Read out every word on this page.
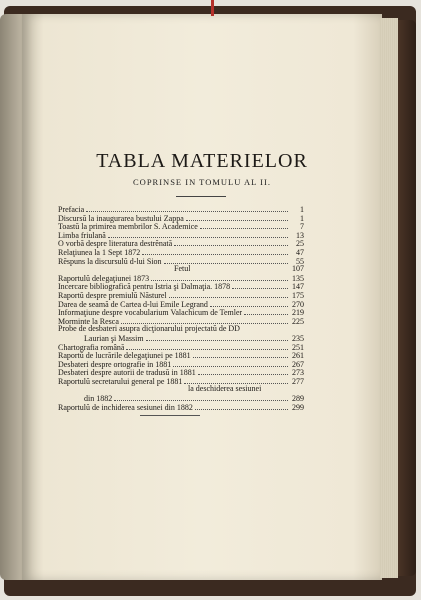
TABLA MATERIELOR
COPRINSE IN TOMULU AL II.
Prefacia	1
Discursŭ la inaugurarea bustului Zappa	1
Toastŭ la primirea membrilor S. Academice	7
Limba friulană	13
O vorbă despre literatura destrĕnată	25
Relaţiunea la 1 Sept 1872	47
Rĕspuns la discursulŭ d-lui Sion	55
Fetul	107
Raportulŭ delegaţiunei 1873	135
Incercare bibliografică pentru Istria şi Dalmaţia. 1878	147
Raportŭ despre premiulŭ Năsturel	175
Darea de seamă de Cartea d-lui Emile Legrand	270
Informaţiune despre vocabularium Valachicum de Temler	219
Morminte la Resca	225
Probe de desbateri asupra dicţionarului projectatŭ de DD
Laurian şi Massim	235
Chartografia română	251
Raportŭ de lucrările delegaţiunei pe 1881	261
Desbateri despre ortografie in 1881	267
Desbateri despre autorii de tradusŭ in 1881	273
Raportulŭ secretarului general pe 1881	277
la deschiderea sesiunei
din 1882	289
Raportulŭ de inchiderea sesiunei din 1882	299
